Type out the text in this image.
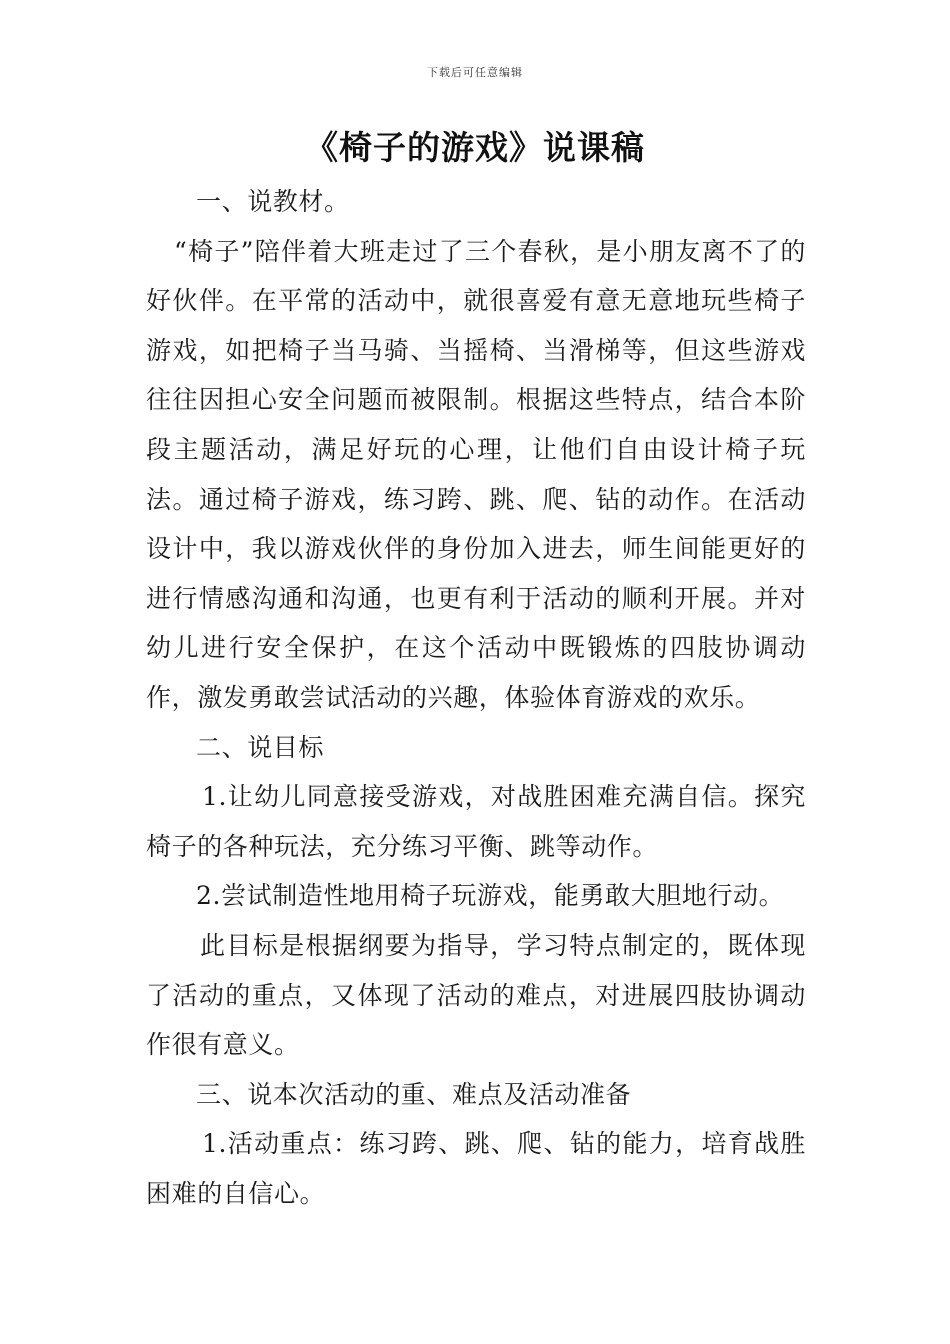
下载后可任意编辑
《椅子的游戏》说课稿

一、说教材。

“椅子”陪伴着大班走过了三个春秋，是小朋友离不了的好伙伴。在平常的活动中，就很喜爱有意无意地玩些椅子游戏，如把椅子当马骑、当摇椅、当滑梯等，但这些游戏往往因担心安全问题而被限制。根据这些特点，结合本阶段主题活动，满足好玩的心理，让他们自由设计椅子玩法。通过椅子游戏，练习跨、跳、爬、钻的动作。在活动设计中，我以游戏伙伴的身份加入进去，师生间能更好的进行情感沟通和沟通，也更有利于活动的顺利开展。并对幼儿进行安全保护，在这个活动中既锻炼的四肢协调动作，激发勇敢尝试活动的兴趣，体验体育游戏的欢乐。

二、说目标

1.让幼儿同意接受游戏，对战胜困难充满自信。探究椅子的各种玩法，充分练习平衡、跳等动作。

2.尝试制造性地用椅子玩游戏，能勇敢大胆地行动。

此目标是根据纲要为指导，学习特点制定的，既体现了活动的重点，又体现了活动的难点，对进展四肢协调动作很有意义。

三、说本次活动的重、难点及活动准备

1.活动重点：练习跨、跳、爬、钻的能力，培育战胜困难的自信心。
